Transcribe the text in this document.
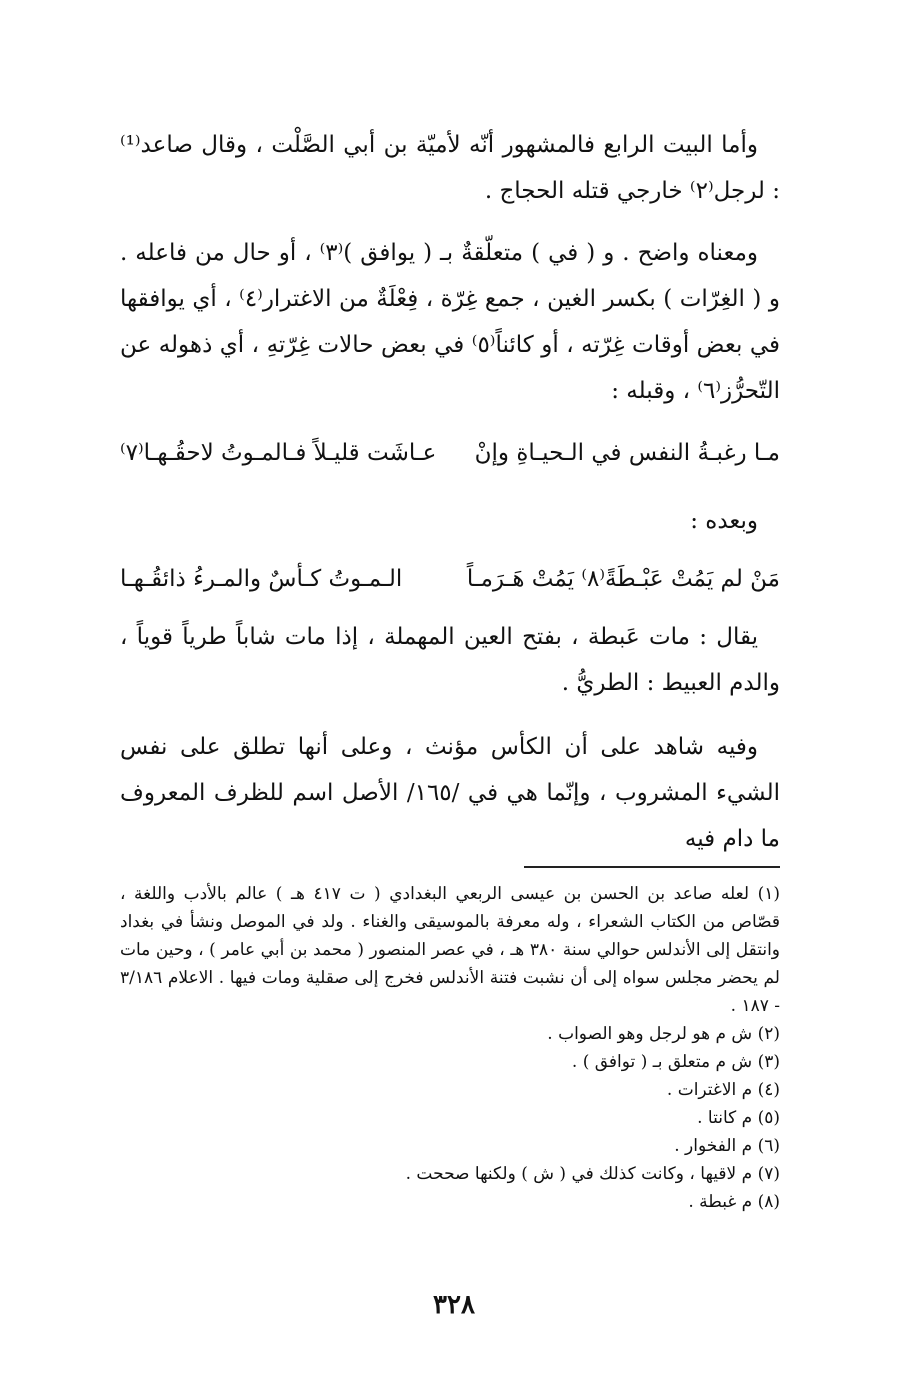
وأما البيت الرابع فالمشهور أنّه لأميّة بن أبي الصَّلْت ، وقال صاعد⁽¹⁾ : لرجل⁽٢⁾ خارجي قتله الحجاج .

ومعناه واضح . و ( في ) متعلّقةٌ بـ ( يوافق )⁽٣⁾ ، أو حال من فاعله . و ( الغِرّات ) بكسر الغين ، جمع غِرّة ، فِعْلَةٌ من الاغترار⁽٤⁾ ، أي يوافقها في بعض أوقات غِرّته ، أو كائناً⁽٥⁾ في بعض حالات غِرّتهِ ، أي ذهوله عن التّحرُّز⁽٦⁾ ، وقبله :

مـا رغبـةُ النفس في الـحيـاةِ وإنْ
عـاشَت قليـلاً فـالمـوتُ لاحقُـهـا⁽٧⁾

وبعده :

مَنْ لم يَمُتْ عَبْـطَةً⁽٨⁾ يَمُتْ هَـرَمـاً
الـمـوتُ كـأسٌ والمـرءُ ذائقُـهـا

يقال : مات عَبطة ، بفتح العين المهملة ، إذا مات شاباً طرياً قوياً ، والدم العبيط : الطريُّ .

وفيه شاهد على أن الكأس مؤنث ، وعلى أنها تطلق على نفس الشيء المشروب ، وإنّما هي في /١٦٥/ الأصل اسم للظرف المعروف ما دام فيه

(١) لعله صاعد بن الحسن بن عيسى الربعي البغدادي ( ت ٤١٧ هـ ) عالم بالأدب واللغة ، قصّاص من الكتاب الشعراء ، وله معرفة بالموسيقى والغناء . ولد في الموصل ونشأ في بغداد وانتقل إلى الأندلس حوالي سنة ٣٨٠ هـ ، في عصر المنصور ( محمد بن أبي عامر ) ، وحين مات لم يحضر مجلس سواه إلى أن نشبت فتنة الأندلس فخرج إلى صقلية ومات فيها . الاعلام ٣/١٨٦ - ١٨٧ .

(٢) ش م هو لرجل وهو الصواب .

(٣) ش م متعلق بـ ( توافق ) .

(٤) م الاغترات .

(٥) م كانتا .

(٦) م الفخوار .

(٧) م لاقيها ، وكانت كذلك في ( ش ) ولكنها صححت .

(٨) م غبطة .

٣٢٨
